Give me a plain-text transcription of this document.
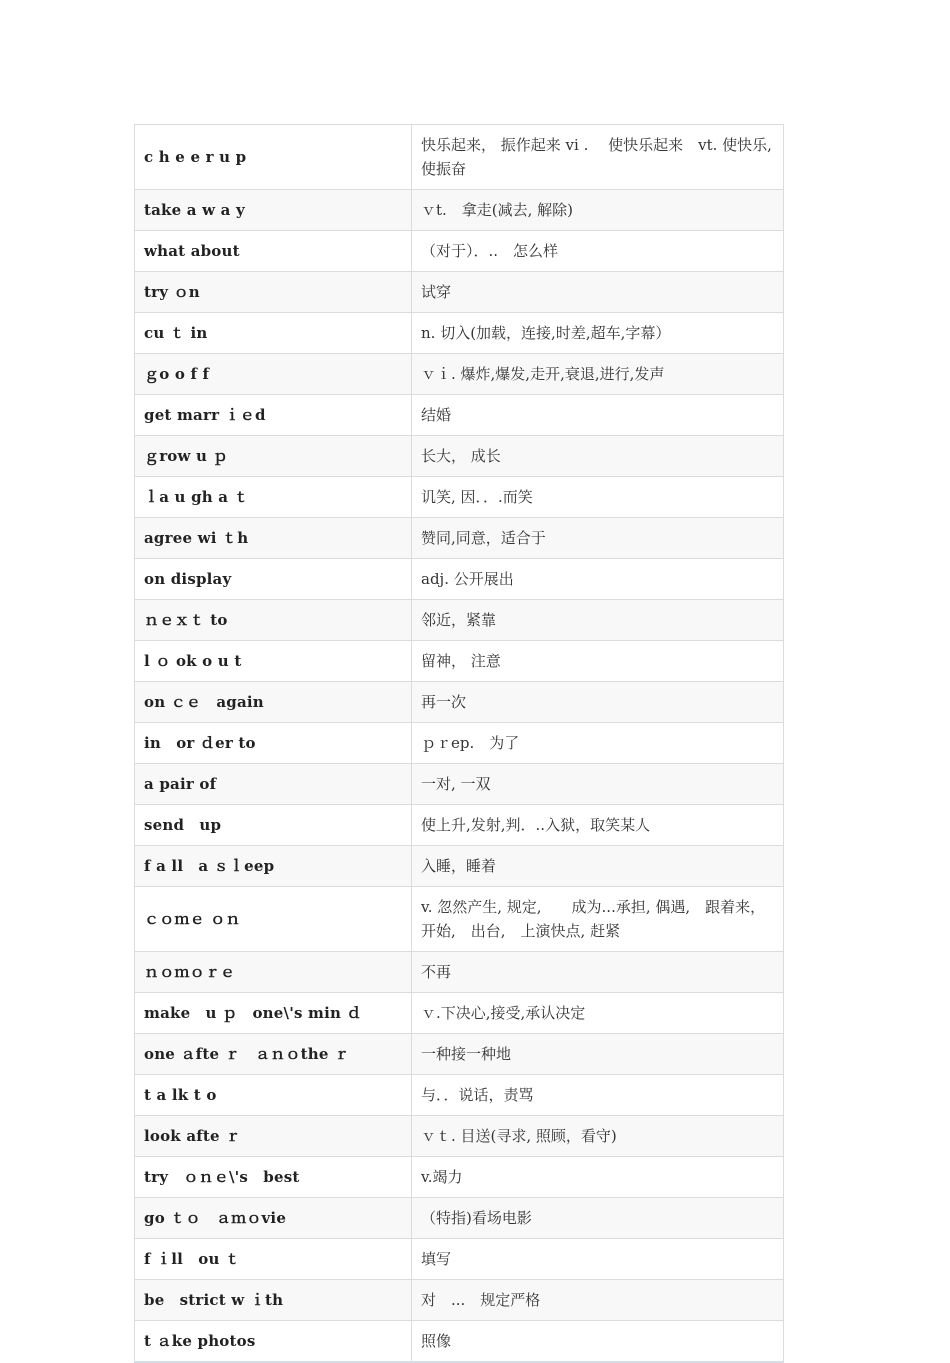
c h e e r u p	快乐起来， 振作起来 vi .　 使快乐起来　vt. 使快乐, 使振奋
take a w a y	ｖt.　拿走(减去, 解除)
what about	（对于）．..　怎么样
try ｏn	试穿
cu ｔ in	n. 切入(加载，连接,时差,超车,字幕）
ｇo o f f	ｖｉ. 爆炸,爆发,走开,衰退,进行,发声
get marr ｉｅd	结婚
ｇrow u ｐ	长大， 成长
ｌa u gh a ｔ	讥笑, 因．．.而笑
agree wi ｔh	赞同,同意，适合于
on display	adj. 公开展出
ｎｅｘｔ to	邻近，紧靠
l ｏ ok o u t	留神， 注意
on ｃｅ　again	再一次
in　or ｄer to	ｐｒep.　为了
a pair of	一对, 一双
send　up	使上升,发射,判．..入狱，取笑某人
f a ll　a ｓｌeep	入睡，睡着
ｃｏｍｅ ｏｎ	v. 忽然产生, 规定,　　成为...承担, 偶遇,　跟着来， 开始,　出台,　上演快点, 赶紧
ｎｏｍｏｒｅ	不再
make　u ｐ　one\'s min ｄ	ｖ.下决心,接受,承认决定
one ａfte ｒ　ａｎｏthe ｒ	一种接一种地
t a lk t o	与．．说话，责骂
look afte ｒ	ｖｔ. 目送(寻求, 照顾，看守)
try　ｏｎｅ\'s　best	v.竭力
go ｔｏ　ａｍｏvie	（特指)看场电影
f ｉll　ou ｔ	填写
be　strict w ｉth	对　...　规定严格
t ａke photos	照像
